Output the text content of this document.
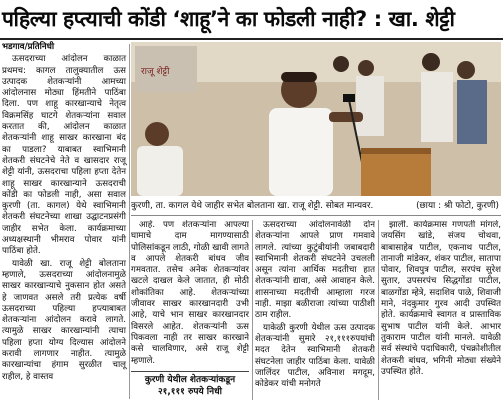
पहिल्या हप्त्याची कोंडी ‘शाहू’ने का फोडली नाही? : खा. शेट्टी
भडगाव/प्रतिनिधी

ऊसदराच्या आंदोलन काळात प्रथमच: कागल तालुक्यातील ऊस उत्पादक शेतकऱ्यांनी आमच्या आंदोलनास मोठ्या हिंमतीने पाठिंबा दिला. पण शाहू कारखान्याचे नेतृत्व विक्रमसिंह घाटगे शेतकऱ्यांना सवाल करतात की, आंदोलन काळात शेतकऱ्यांनी शाहू साखर कारखाना बंद का पाडला? याबाबत स्वाभिमानी शेतकरी संघटनेचे नेते व खासदार राजू शेट्टी यांनी, ऊसदराचा पहिला हप्ता देतेन शाहू साखर कारखान्याने ऊसदराची कोंडी का फोडली नाही, असा सवाल कुरणी (ता. कागल) येथे स्वाभिमानी शेतकरी संघटनेच्या शाखा उद्घाटनप्रसंगी जाहीर सभेत केला. कार्यक्रमाच्या अध्यक्षस्थानी भीमराव पोवार यांनी पाठिंबा होते.

यावेळी खा. राजू शेट्टी बोलताना म्हणाले, ऊसदराच्या आंदोलनामुळे साखर कारखान्याचे नुकसान होत असते हे जाणवत असले तरी प्रत्येक वर्षी ऊसदराच्या पहिल्या हप्त्याबाबत शेतकऱ्यांना आंदोलन करावे लागते. त्यामुळे साखर कारखान्यांनी त्याचा पहिला हप्ता योग्य दिल्यास आंदोलने करावी लागणार नाहीत. त्यामुळे कारखान्यांचा हंगाम सुरळीत चालू राहील, हे वास्तव

राजू शेट्टी
कुरणी, ता. कागल येथे जाहीर सभेत बोलताना खा. राजू शेट्टी. सोबत मान्यवर.	(छाया : श्री फोटो, कुरणी)

आहे. पण शेतकऱ्यांना आपल्या घामाचे दाम मागण्यासाठी पोलिसांकडून लाठी, गोळी खावी लागते व आपले शेतकरी बांधव जीव गमवतात. तसेच अनेक शेतकऱ्यांवर खटले दाखल केले जातात, ही मोठी शोकांतिका आहे. शेतकऱ्यांच्या जीवावर साखर कारखानदारी उभी आहे, याचे भान साखर कारखानदार विसरले आहेत. शेतकऱ्यांनी ऊस पिकवला नाही तर साखर कारखाने कसे चालविणार, असे राजू शेट्टी म्हणाले.

कुरणी येथील शेतकऱ्यांकडून २१,१११ रुपये निधी

ऊसदराच्या आंदोलनावेळी दोन शेतकऱ्यांना आपले प्राण गमवावे लागले. त्यांच्या कुटुंबीयांनी जबाबदारी स्वाभिमानी शेतकरी संघटनेने उचलली असून त्यांना आर्थिक मदतीचा हात शेतकऱ्यांनी द्यावा, असे आवाहन केले. शासनाच्या मदतीची आम्हाला गरज नाही. माझा बळीराजा त्यांच्या पाठीशी ठाम राहील.

याकेळी कुरणी येथील ऊस उत्पादक शेतकऱ्यांनी सुमारे २१,१११रुपयांची मदत देतेन स्वाभिमानी शेतकरी संघटनेला जाहीर पाठिंबा केला. यावेळी जालिंदर पाटील, अविनाश मगदूम, कोडेकर यांची मनोगते

झाली. कार्यक्रमास गणपती मांगले, जयसिंग खांडे, संजय चोथवा, बाबासाहेब पाटील, एकनाथ पाटील, तानाजी मांडेकर, शंकर पाटील, सातापा पोवार, शिवपुत्र पाटील, सरपंच सुरेश सुतार, उपसरपंच सिद्धगोंडा पाटील, बाळगोंडा म्हेत्रे, सदाशिव पाळे, शिवाजी माने, नंदकुमार गुरव आदी उपस्थित होते. कार्यक्रमाचे स्वागत व प्रास्ताविक सुभाष पाटील यांनी केले. आभार तुकाराम पाटील यांनी मानले. यावेळी सर्व संस्थांचे पदाधिकारी, पंचक्रोशीतील शेतकरी बांधव, भगिनी मोठ्या संख्येने उपस्थित होते.
